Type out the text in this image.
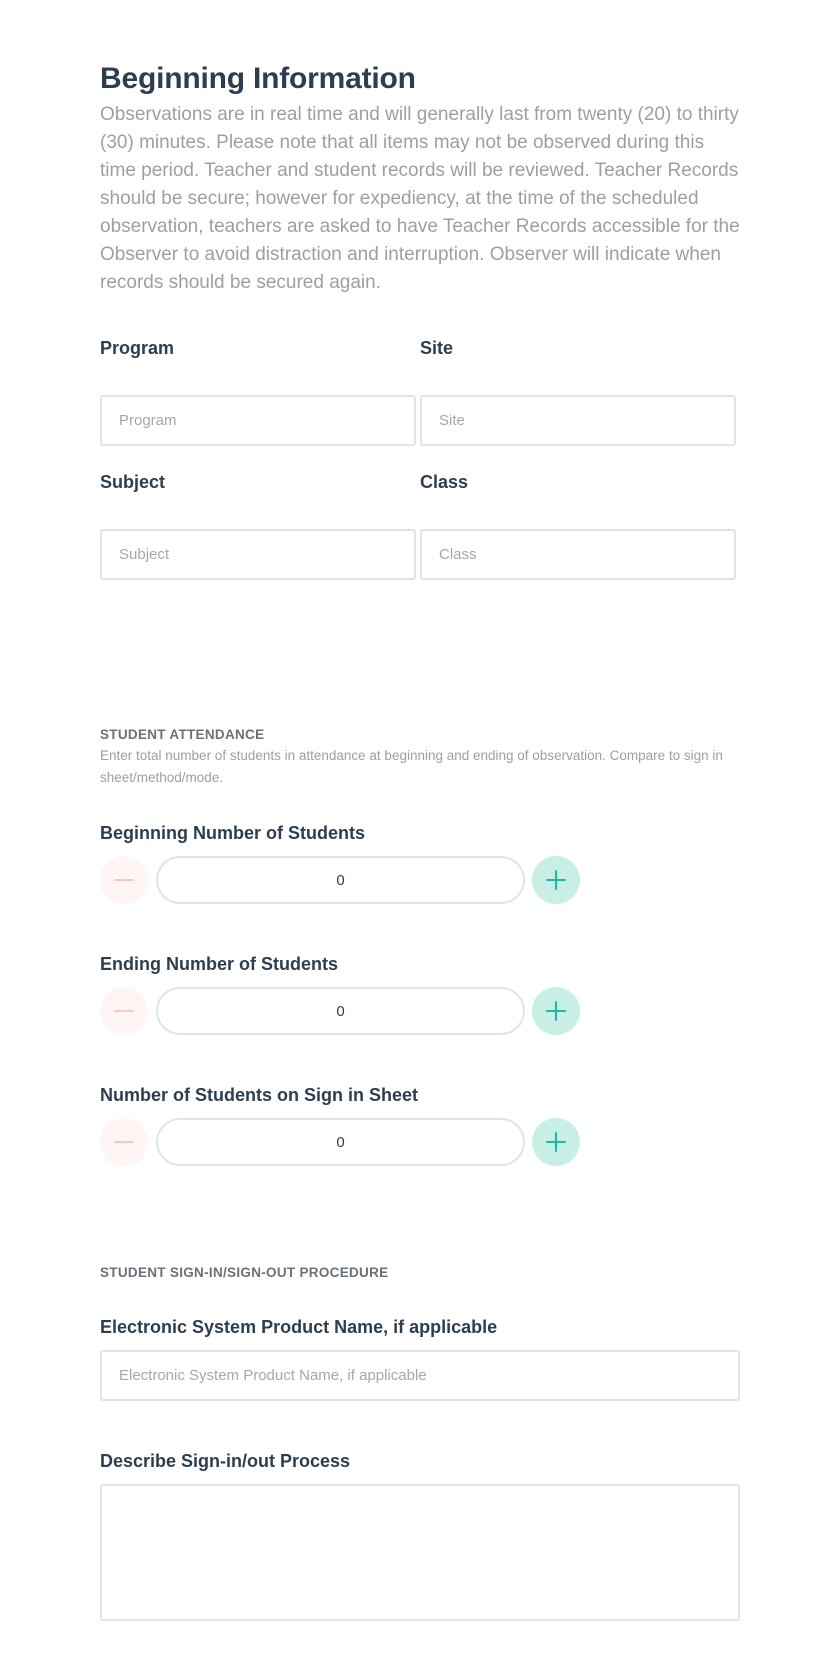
Beginning Information

Observations are in real time and will generally last from twenty (20) to thirty (30) minutes. Please note that all items may not be observed during this time period. Teacher and student records will be reviewed. Teacher Records should be secure; however for expediency, at the time of the scheduled observation, teachers are asked to have Teacher Records accessible for the Observer to avoid distraction and interruption. Observer will indicate when records should be secured again.

Program
Program	Site
Site
Subject
Subject	Class
Class
STUDENT ATTENDANCE
Enter total number of students in attendance at beginning and ending of observation. Compare to sign in sheet/method/mode.
Beginning Number of Students
0
Ending Number of Students
0
Number of Students on Sign in Sheet
0
STUDENT SIGN-IN/SIGN-OUT PROCEDURE
Electronic System Product Name, if applicable
Electronic System Product Name, if applicable
Describe Sign-in/out Process
